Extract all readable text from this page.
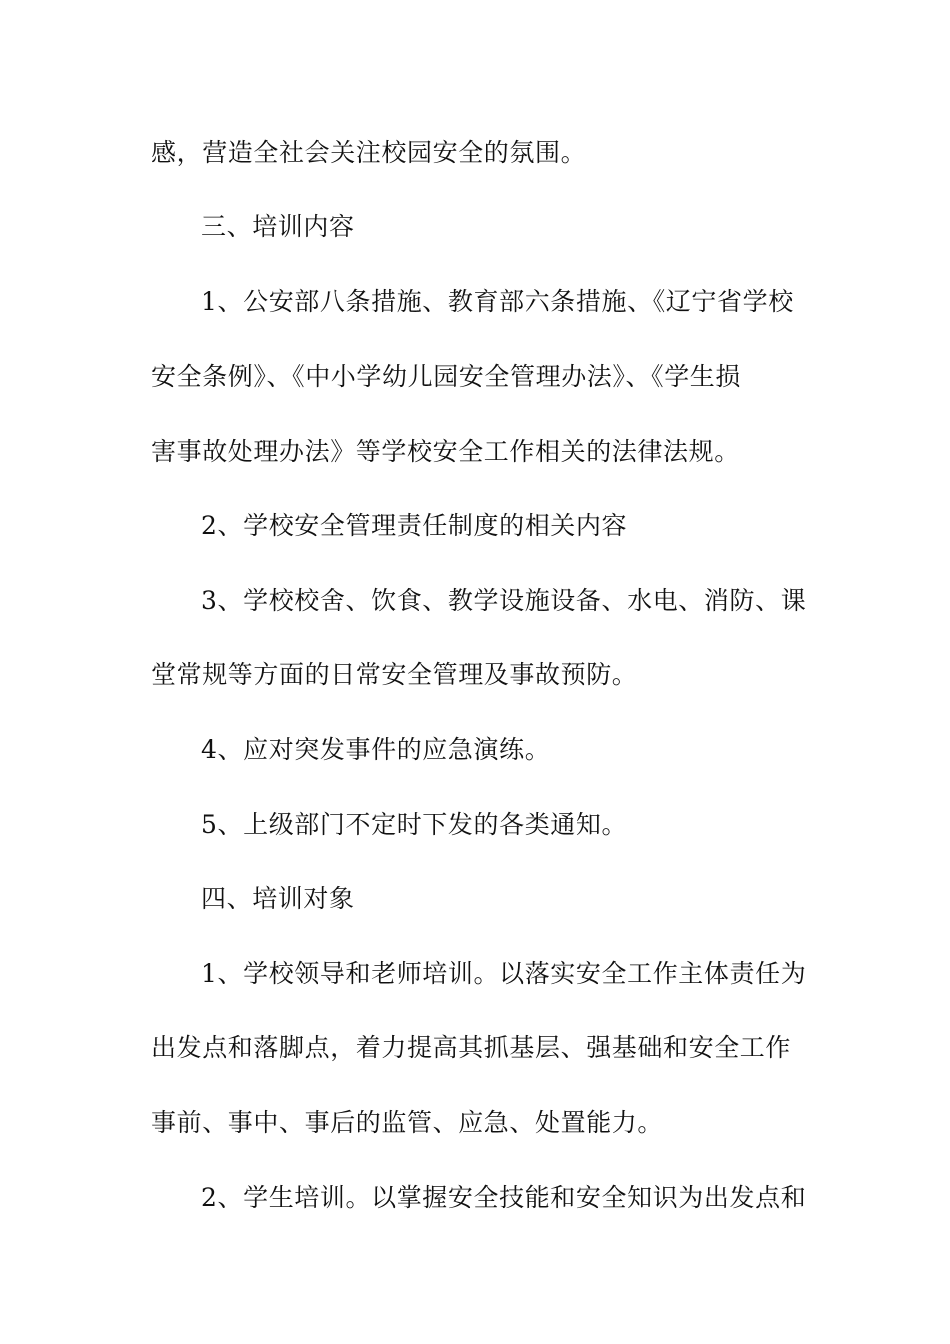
感，营造全社会关注校园安全的氛围。
三、培训内容
1、公安部八条措施、教育部六条措施、《辽宁省学校
安全条例》、《中小学幼儿园安全管理办法》、《学生损
害事故处理办法》等学校安全工作相关的法律法规。
2、学校安全管理责任制度的相关内容
3、学校校舍、饮食、教学设施设备、水电、消防、课
堂常规等方面的日常安全管理及事故预防。
4、应对突发事件的应急演练。
5、上级部门不定时下发的各类通知。
四、培训对象
1、学校领导和老师培训。以落实安全工作主体责任为
出发点和落脚点，着力提高其抓基层、强基础和安全工作
事前、事中、事后的监管、应急、处置能力。
2、学生培训。以掌握安全技能和安全知识为出发点和
